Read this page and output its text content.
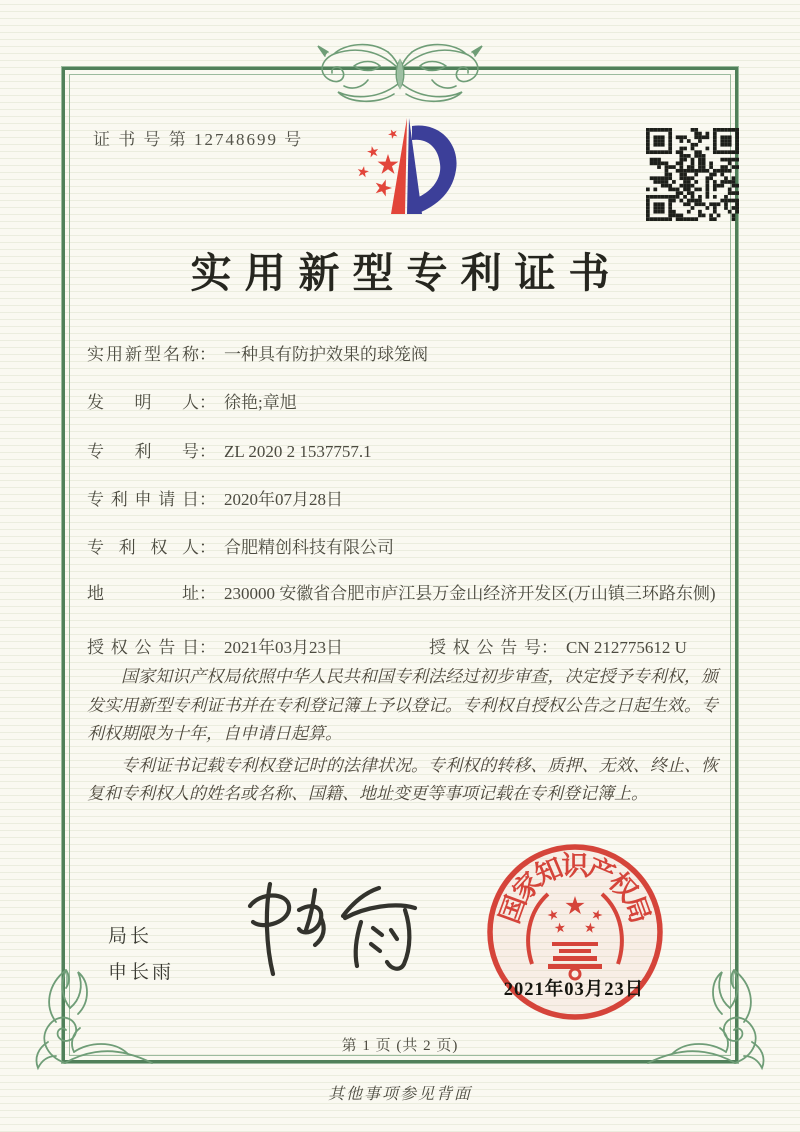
证 书 号 第 12748699 号
实用新型专利证书
实用新型名称 ： 一种具有防护效果的球笼阀
发明人 ： 徐艳;章旭
专利号 ： ZL 2020 2 1537757.1
专利申请日 ： 2020年07月28日
专利权人 ： 合肥精创科技有限公司
地址 ： 230000 安徽省合肥市庐江县万金山经济开发区(万山镇三环路东侧)
授权公告日 ： 2021年03月23日	授权公告号 ： CN 212775612 U

国家知识产权局依照中华人民共和国专利法经过初步审查，决定授予专利权，颁发实用新型专利证书并在专利登记簿上予以登记。专利权自授权公告之日起生效。专利权期限为十年，自申请日起算。

专利证书记载专利权登记时的法律状况。专利权的转移、质押、无效、终止、恢复和专利权人的姓名或名称、国籍、地址变更等事项记载在专利登记簿上。

局长
申长雨
国
家
知
识
产
权
局
2021年03月23日
第 1 页 (共 2 页)
其他事项参见背面
